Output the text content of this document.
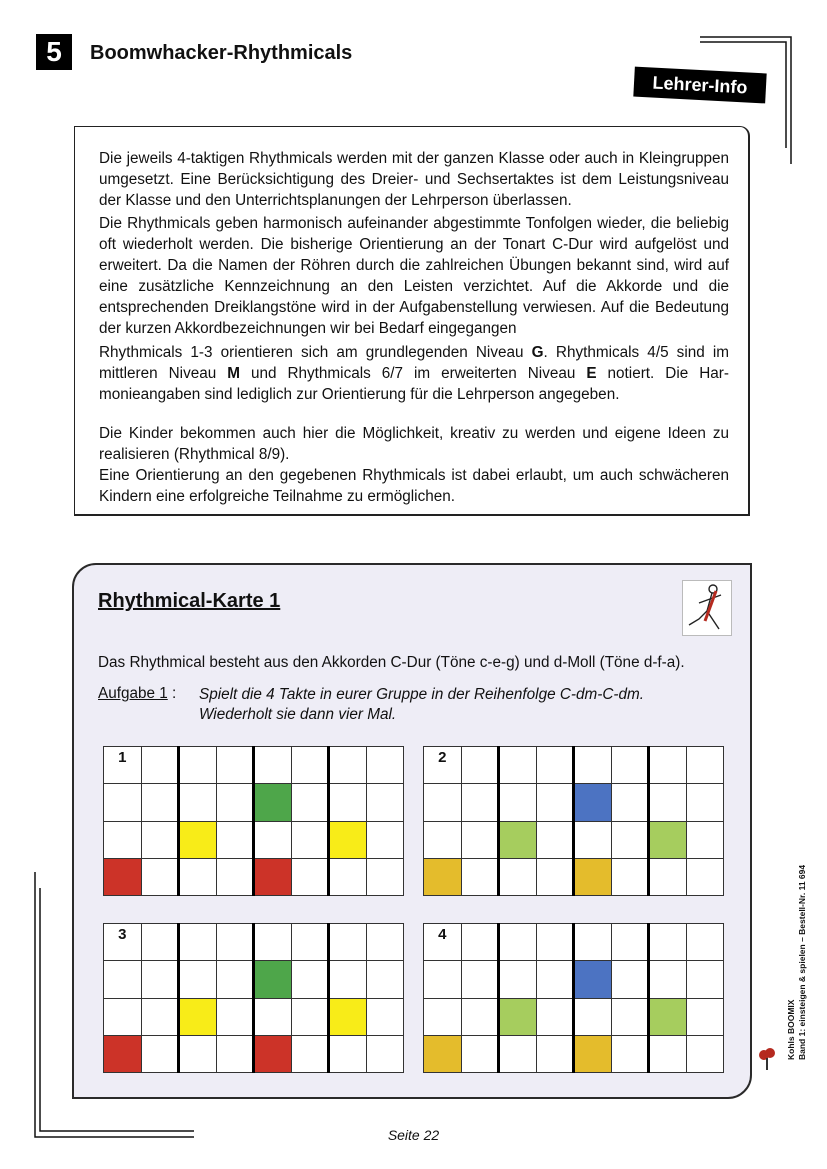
5	Boomwhacker-Rhythmicals
Lehrer-Info

Die jeweils 4-taktigen Rhythmicals werden mit der ganzen Klasse oder auch in Kleingruppen umgesetzt. Eine Berücksichtigung des Dreier- und Sechsertaktes ist dem Leistungsniveau der Klasse und den Unterrichtsplanungen der Lehrperson überlassen.

Die Rhythmicals geben harmonisch aufeinander abgestimmte Tonfolgen wieder, die beliebig oft wiederholt werden. Die bisherige Orientierung an der Tonart C-Dur wird aufgelöst und erweitert. Da die Namen der Röhren durch die zahlreichen Übungen bekannt sind, wird auf eine zusätzliche Kennzeichnung an den Leisten verzichtet. Auf die Akkorde und die entsprechenden Dreiklangstöne wird in der Aufgabenstellung verwiesen. Auf die Bedeutung der kurzen Akkordbezeichnungen wir bei Bedarf eingegangen

Rhythmicals 1-3 orientieren sich am grundlegenden Niveau G. Rhythmicals 4/5 sind im mittleren Niveau M und Rhythmicals 6/7 im erweiterten Niveau E notiert. Die Harmonieangaben sind lediglich zur Orientierung für die Lehrperson angegeben.

Die Kinder bekommen auch hier die Möglichkeit, kreativ zu werden und eigene Ideen zu realisieren (Rhythmical 8/9).
Eine Orientierung an den gegebenen Rhythmicals ist dabei erlaubt, um auch schwächeren Kindern eine erfolgreiche Teilnahme zu ermöglichen.

Rhythmical-Karte 1
Das Rhythmical besteht aus den Akkorden C-Dur (Töne c-e-g) und d-Moll (Töne d-f-a).
Aufgabe 1 : Spielt die 4 Takte in eurer Gruppe in der Reihenfolge C-dm-C-dm.
Wiederholt sie dann vier Mal.
1							

								2							

3							

								4							

Kohls BOOMIX Band 1: einsteigen & spielen – Bestell-Nr. 11 694
Seite 22
